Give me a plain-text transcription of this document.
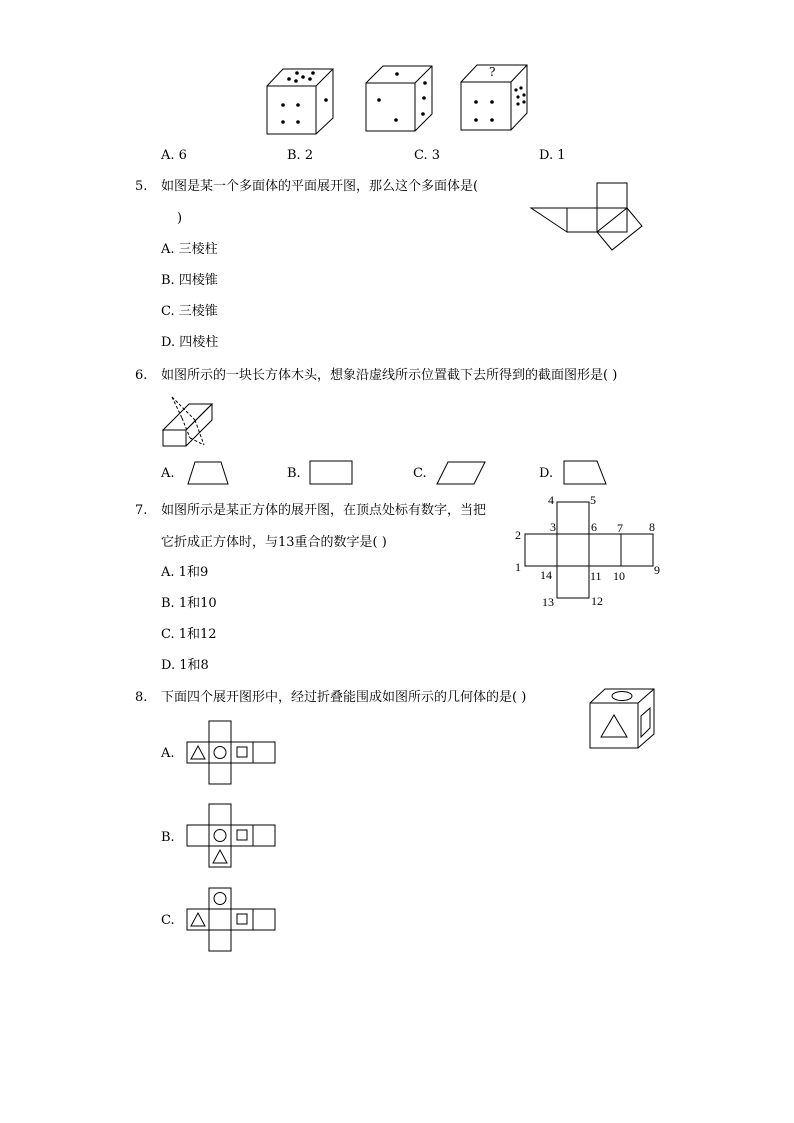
?
A. 6	B. 2	C. 3	D. 1
5. 如图是某一个多面体的平面展开图，那么这个多面体是(
)
A. 三棱柱
B. 四棱锥
C. 三棱锥
D. 四棱柱
6. 如图所示的一块长方体木头，想象沿虚线所示位置截下去所得到的截面图形是( )
A.	B.	C.	D.
7. 如图所示是某正方体的展开图，在顶点处标有数字，当把
它折成正方体时，与13重合的数字是( )
A. 1和9
B. 1和10
C. 1和12
D. 1和8
4	5
3	6 7 8
2
1
14	11 10 9
13	12
8. 下面四个展开图形中，经过折叠能围成如图所示的几何体的是( )
A.
B.
C.
